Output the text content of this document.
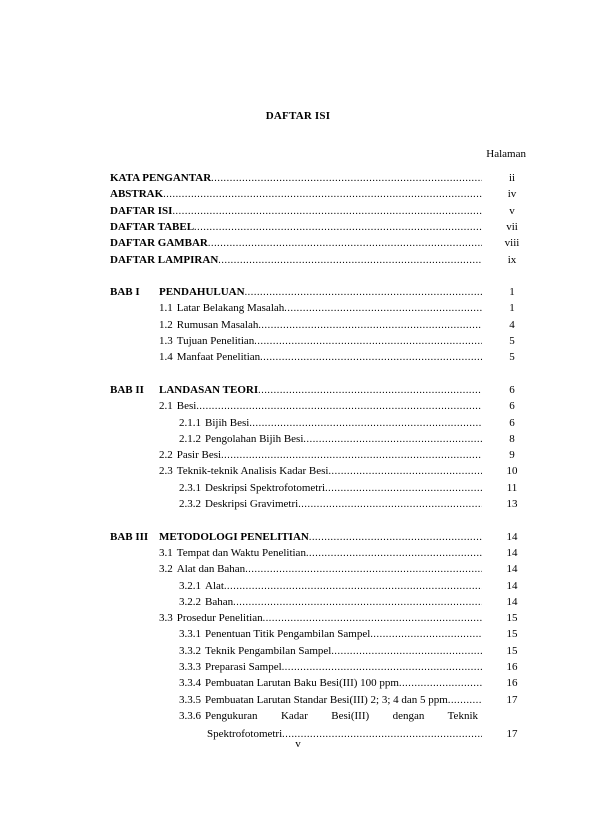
DAFTAR ISI
Halaman
KATA PENGANTAR .....	ii
ABSTRAK .....	iv
DAFTAR ISI .....	v
DAFTAR TABEL .....	vii
DAFTAR GAMBAR .....	viii
DAFTAR LAMPIRAN .....	ix
BAB I PENDAHULUAN .....	1
1.1 Latar Belakang Masalah .....	1
1.2 Rumusan Masalah .....	4
1.3 Tujuan Penelitian .....	5
1.4 Manfaat Penelitian .....	5
BAB II LANDASAN TEORI .....	6
2.1 Besi .....	6
2.1.1 Bijih Besi .....	6
2.1.2 Pengolahan Bijih Besi .....	8
2.2 Pasir Besi .....	9
2.3 Teknik-teknik Analisis Kadar Besi .....	10
2.3.1 Deskripsi Spektrofotometri .....	11
2.3.2 Deskripsi Gravimetri .....	13
BAB III METODOLOGI PENELITIAN .....	14
3.1 Tempat dan Waktu Penelitian .....	14
3.2 Alat dan Bahan .....	14
3.2.1 Alat .....	14
3.2.2 Bahan .....	14
3.3 Prosedur Penelitian .....	15
3.3.1 Penentuan Titik Pengambilan Sampel .....	15
3.3.2 Teknik Pengambilan Sampel .....	15
3.3.3 Preparasi Sampel .....	16
3.3.4 Pembuatan Larutan Baku Besi(III) 100 ppm .....	16
3.3.5 Pembuatan Larutan Standar Besi(III) 2; 3; 4 dan 5 ppm .....	17
3.3.6 Pengukuran Kadar Besi(III) dengan Teknik
Spektrofotometri .....	17
v
